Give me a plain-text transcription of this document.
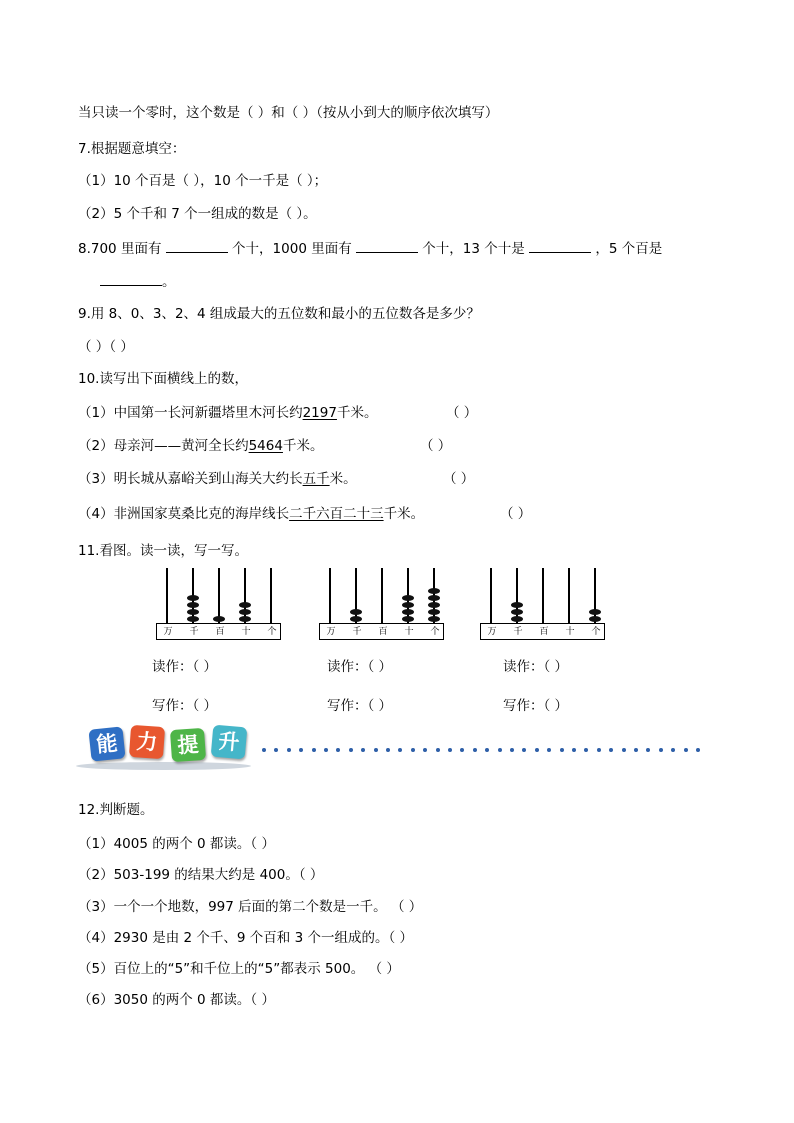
当只读一个零时，这个数是（ ）和（ ）（按从小到大的顺序依次填写）
7.根据题意填空：
（1）10 个百是（ ），10 个一千是（ ）；
（2）5 个千和 7 个一组成的数是（ ）。
8.700 里面有	个十，1000 里面有	个十，13 个十是	，5 个百是
。
9.用 8、0、3、2、4 组成最大的五位数和最小的五位数各是多少？
（ ）（ ）
10.读写出下面横线上的数，
（1）中国第一长河新疆塔里木河长约2197千米。	（ ）
（2）母亲河——黄河全长约5464千米。	（ ）
（3）明长城从嘉峪关到山海关大约长五千米。	（ ）
（4）非洲国家莫桑比克的海岸线长二千六百二十三千米。	（ ）
11.看图。读一读，写一写。
万 千 百 十 个	万 千 百 十 个	万 千 百 十 个
读作：（ ）	读作：（ ）	读作：（ ）
写作：（ ）	写作：（ ）	写作：（ ）
能 力 提 升
12.判断题。
（1）4005 的两个 0 都读。（ ）
（2）503-199 的结果大约是 400。（ ）
（3）一个一个地数，997 后面的第二个数是一千。 （ ）
（4）2930 是由 2 个千、9 个百和 3 个一组成的。（ ）
（5）百位上的“5”和千位上的“5”都表示 500。 （ ）
（6）3050 的两个 0 都读。（ ）
